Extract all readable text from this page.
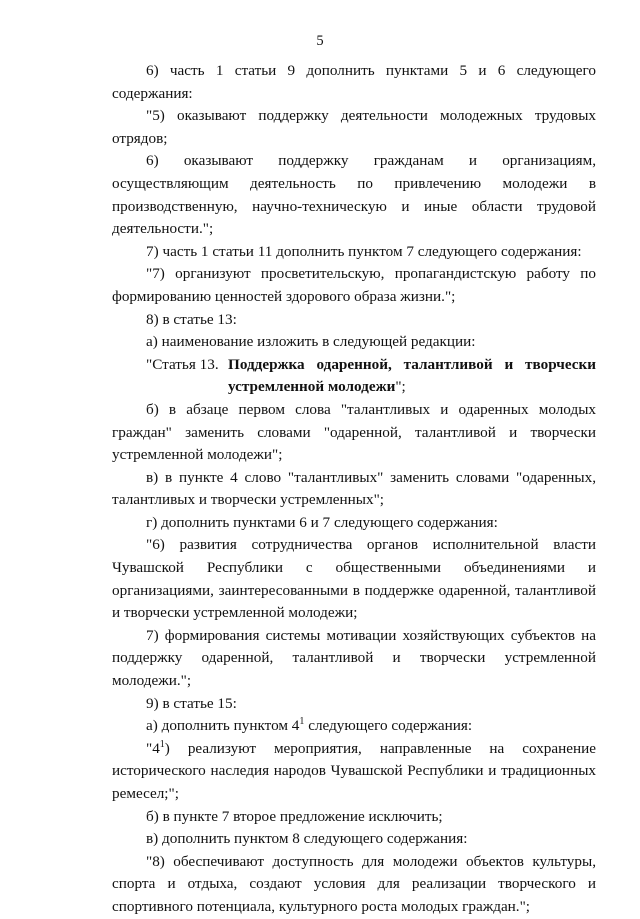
5

6) часть 1 статьи 9 дополнить пунктами 5 и 6 следующего содержания:

"5) оказывают поддержку деятельности молодежных трудовых отрядов;

6) оказывают поддержку гражданам и организациям, осуществляющим деятельность по привлечению молодежи в производственную, научно-техническую и иные области трудовой деятельности.";

7) часть 1 статьи 11 дополнить пунктом 7 следующего содержания:

"7) организуют просветительскую, пропагандистскую работу по формированию ценностей здорового образа жизни.";

8) в статье 13:

а) наименование изложить в следующей редакции:

"Статья 13. Поддержка одаренной, талантливой и творчески устремленной молодежи";

б) в абзаце первом слова "талантливых и одаренных молодых граждан" заменить словами "одаренной, талантливой и творчески устремленной молодежи";

в) в пункте 4 слово "талантливых" заменить словами "одаренных, талантливых и творчески устремленных";

г) дополнить пунктами 6 и 7 следующего содержания:

"6) развития сотрудничества органов исполнительной власти Чувашской Республики с общественными объединениями и организациями, заинтересованными в поддержке одаренной, талантливой и творчески устремленной молодежи;

7) формирования системы мотивации хозяйствующих субъектов на поддержку одаренной, талантливой и творчески устремленной молодежи.";

9) в статье 15:

а) дополнить пунктом $4^1$ следующего содержания:

"$4^1$) реализуют мероприятия, направленные на сохранение исторического наследия народов Чувашской Республики и традиционных ремесел;";

б) в пункте 7 второе предложение исключить;

в) дополнить пунктом 8 следующего содержания:

"8) обеспечивают доступность для молодежи объектов культуры, спорта и отдыха, создают условия для реализации творческого и спортивного потенциала, культурного роста молодых граждан.";
